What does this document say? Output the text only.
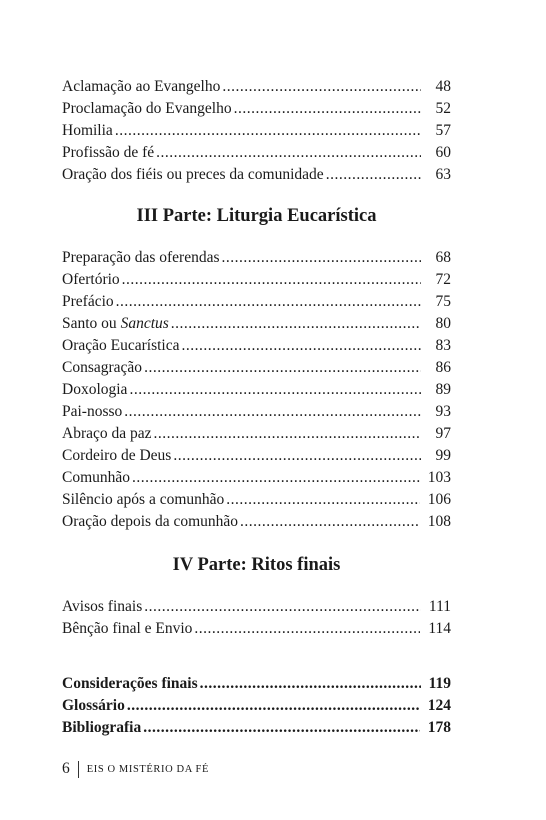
Aclamação ao Evangelho .....	48
Proclamação do Evangelho .....	52
Homilia .....	57
Profissão de fé .....	60
Oração dos fiéis ou preces da comunidade .....	63
III Parte: Liturgia Eucarística
Preparação das oferendas .....	68
Ofertório .....	72
Prefácio .....	75
Santo ou Sanctus .....	80
Oração Eucarística .....	83
Consagração .....	86
Doxologia .....	89
Pai-nosso .....	93
Abraço da paz .....	97
Cordeiro de Deus .....	99
Comunhão .....	103
Silêncio após a comunhão .....	106
Oração depois da comunhão .....	108
IV Parte: Ritos finais
Avisos finais .....	111
Bênção final e Envio .....	114
Considerações finais .....	119
Glossário .....	124
Bibliografia .....	178
6 EIS O MISTÉRIO DA FÉ
